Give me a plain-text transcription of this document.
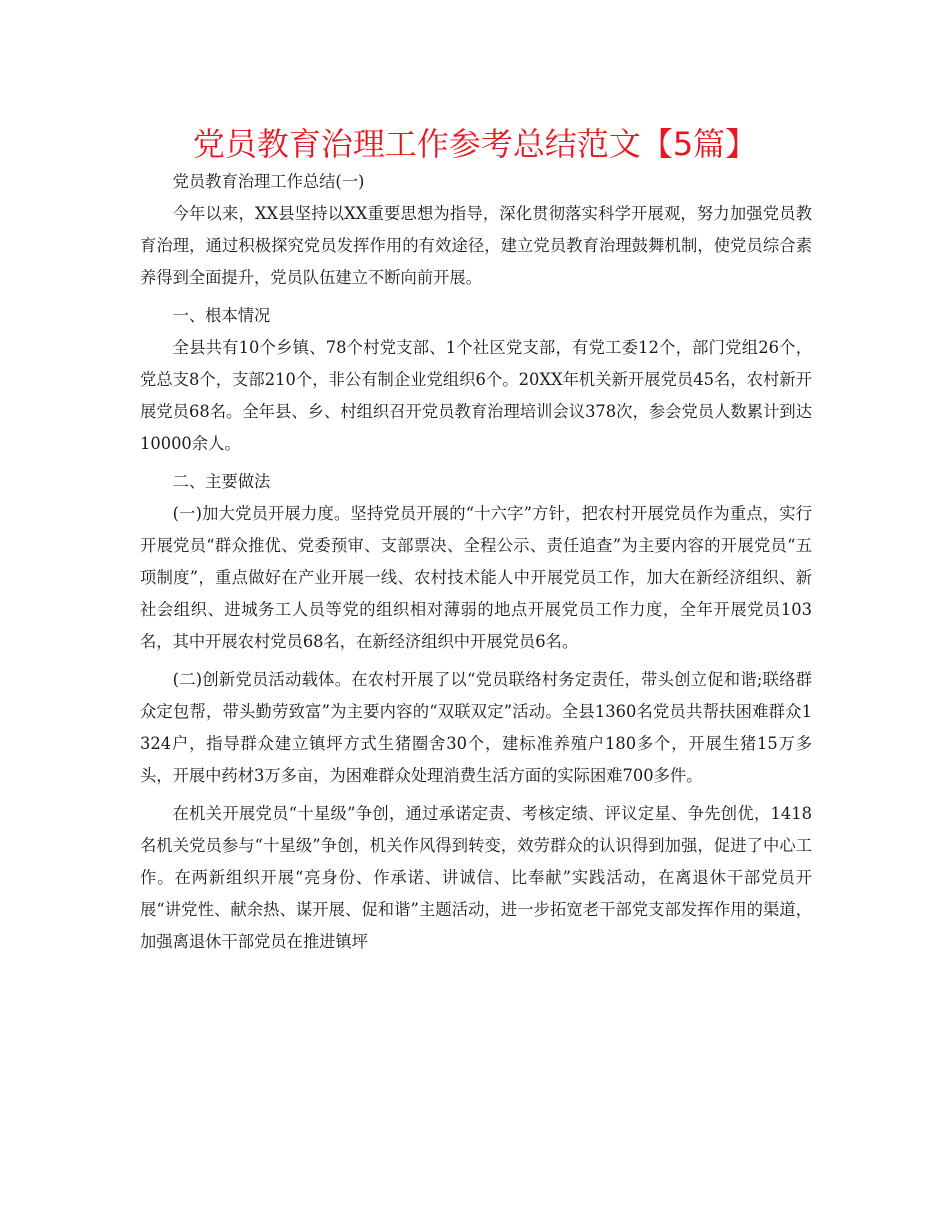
党员教育治理工作参考总结范文【5篇】

党员教育治理工作总结(一)

今年以来，XX县坚持以XX重要思想为指导，深化贯彻落实科学开展观，努力加强党员教育治理，通过积极探究党员发挥作用的有效途径，建立党员教育治理鼓舞机制，使党员综合素养得到全面提升，党员队伍建立不断向前开展。

一、根本情况

全县共有10个乡镇、78个村党支部、1个社区党支部，有党工委12个，部门党组26个，党总支8个，支部210个，非公有制企业党组织6个。20XX年机关新开展党员45名，农村新开展党员68名。全年县、乡、村组织召开党员教育治理培训会议378次，参会党员人数累计到达10000余人。

二、主要做法

(一)加大党员开展力度。坚持党员开展的“十六字”方针，把农村开展党员作为重点，实行开展党员“群众推优、党委预审、支部票决、全程公示、责任追查”为主要内容的开展党员“五项制度”，重点做好在产业开展一线、农村技术能人中开展党员工作，加大在新经济组织、新社会组织、进城务工人员等党的组织相对薄弱的地点开展党员工作力度，全年开展党员103名，其中开展农村党员68名，在新经济组织中开展党员6名。

(二)创新党员活动载体。在农村开展了以“党员联络村务定责任，带头创立促和谐;联络群众定包帮，带头勤劳致富”为主要内容的“双联双定”活动。全县1360名党员共帮扶困难群众1324户，指导群众建立镇坪方式生猪圈舍30个，建标准养殖户180多个，开展生猪15万多头，开展中药材3万多亩，为困难群众处理消费生活方面的实际困难700多件。

在机关开展党员“十星级”争创，通过承诺定责、考核定绩、评议定星、争先创优，1418名机关党员参与“十星级”争创，机关作风得到转变，效劳群众的认识得到加强，促进了中心工作。在两新组织开展“亮身份、作承诺、讲诚信、比奉献”实践活动，在离退休干部党员开展“讲党性、献余热、谋开展、促和谐”主题活动，进一步拓宽老干部党支部发挥作用的渠道，加强离退休干部党员在推进镇坪
